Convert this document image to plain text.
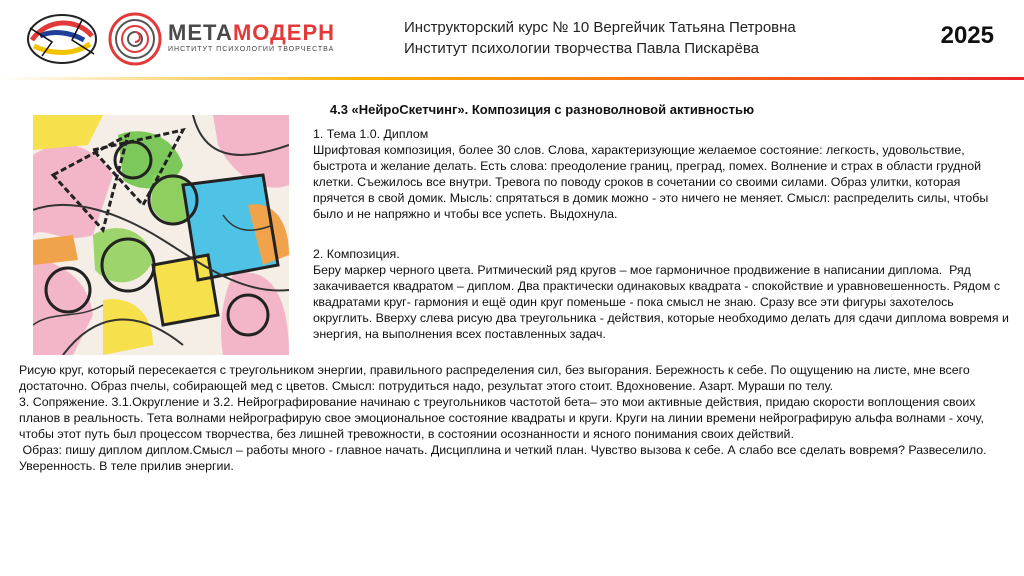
МЕТАМОДЕРН
ИНСТИТУТ ПСИХОЛОГИИ ТВОРЧЕСТВА
Инструкторский курс № 10 Вергейчик Татьяна Петровна
Институт психологии творчества Павла Пискарёва	2025
4.3 «НейроСкетчинг». Композиция с разноволновой активностью

1. Тема 1.0. Диплом
Шрифтовая композиция, более 30 слов. Слова, характеризующие желаемое состояние: легкость, удовольствие, быстрота и желание делать. Есть слова: преодоление границ, преград, помех. Волнение и страх в области грудной клетки. Съежилось все внутри. Тревога по поводу сроков в сочетании со своими силами. Образ улитки, которая прячется в свой домик. Мысль: спрятаться в домик можно - это ничего не меняет. Смысл: распределить силы, чтобы было и не напряжно и чтобы все успеть. Выдохнула.

2. Композиция.
Беру маркер черного цвета. Ритмический ряд кругов – мое гармоничное продвижение в написании диплома.  Ряд закачивается квадратом – диплом. Два практически одинаковых квадрата - спокойствие и уравновешенность. Рядом с квадратами круг- гармония и ещё один круг поменьше - пока смысл не знаю. Сразу все эти фигуры захотелось округлить. Вверху слева рисую два треугольника - действия, которые необходимо делать для сдачи диплома вовремя и энергия, на выполнения всех поставленных задач.

Рисую круг, который пересекается с треугольником энергии, правильного распределения сил, без выгорания. Бережность к себе. По ощущению на листе, мне всего достаточно. Образ пчелы, собирающей мед с цветов. Смысл: потрудиться надо, результат этого стоит. Вдохновение. Азарт. Мураши по телу.
3. Сопряжение. 3.1.Округление и 3.2. Нейрографирование начинаю с треугольников частотой бета– это мои активные действия, придаю скорости воплощения своих планов в реальность. Тета волнами нейрографирую свое эмоциональное состояние квадраты и круги. Круги на линии времени нейрографирую альфа волнами - хочу, чтобы этот путь был процессом творчества, без лишней тревожности, в состоянии осознанности и ясного понимания своих действий.
Образ: пишу диплом диплом.Смысл – работы много - главное начать. Дисциплина и четкий план. Чувство вызова к себе. А слабо все сделать вовремя? Развеселило. Уверенность. В теле прилив энергии.
